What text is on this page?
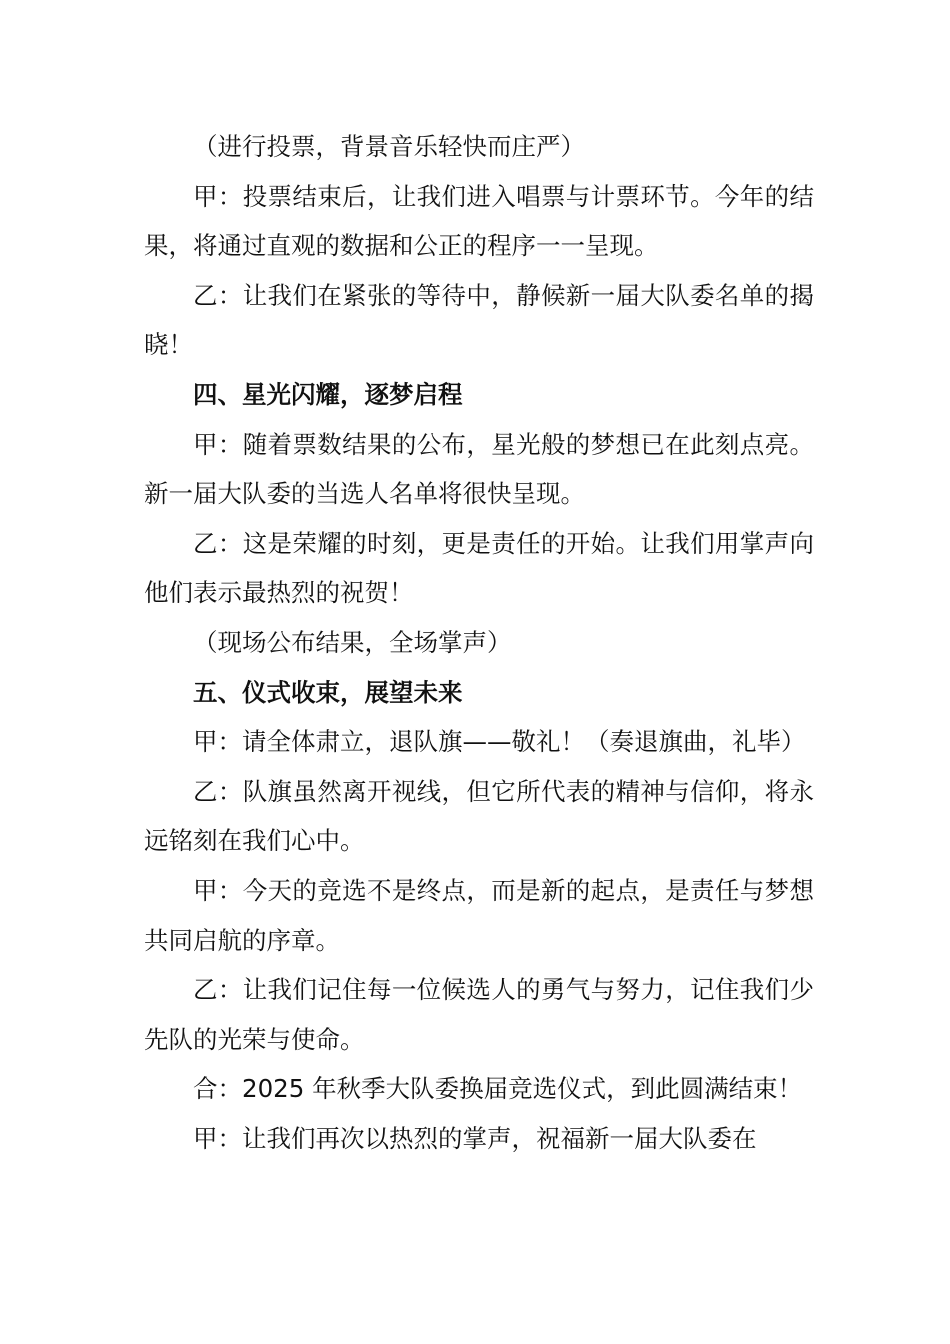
（进行投票，背景音乐轻快而庄严）

甲：投票结束后，让我们进入唱票与计票环节。今年的结果，将通过直观的数据和公正的程序一一呈现。

乙：让我们在紧张的等待中，静候新一届大队委名单的揭晓！

四、星光闪耀，逐梦启程

甲：随着票数结果的公布，星光般的梦想已在此刻点亮。新一届大队委的当选人名单将很快呈现。

乙：这是荣耀的时刻，更是责任的开始。让我们用掌声向他们表示最热烈的祝贺！

（现场公布结果，全场掌声）

五、仪式收束，展望未来

甲：请全体肃立，退队旗——敬礼！（奏退旗曲，礼毕）

乙：队旗虽然离开视线，但它所代表的精神与信仰，将永远铭刻在我们心中。

甲：今天的竞选不是终点，而是新的起点，是责任与梦想共同启航的序章。

乙：让我们记住每一位候选人的勇气与努力，记住我们少先队的光荣与使命。

合：2025 年秋季大队委换届竞选仪式，到此圆满结束！

甲：让我们再次以热烈的掌声，祝福新一届大队委在
